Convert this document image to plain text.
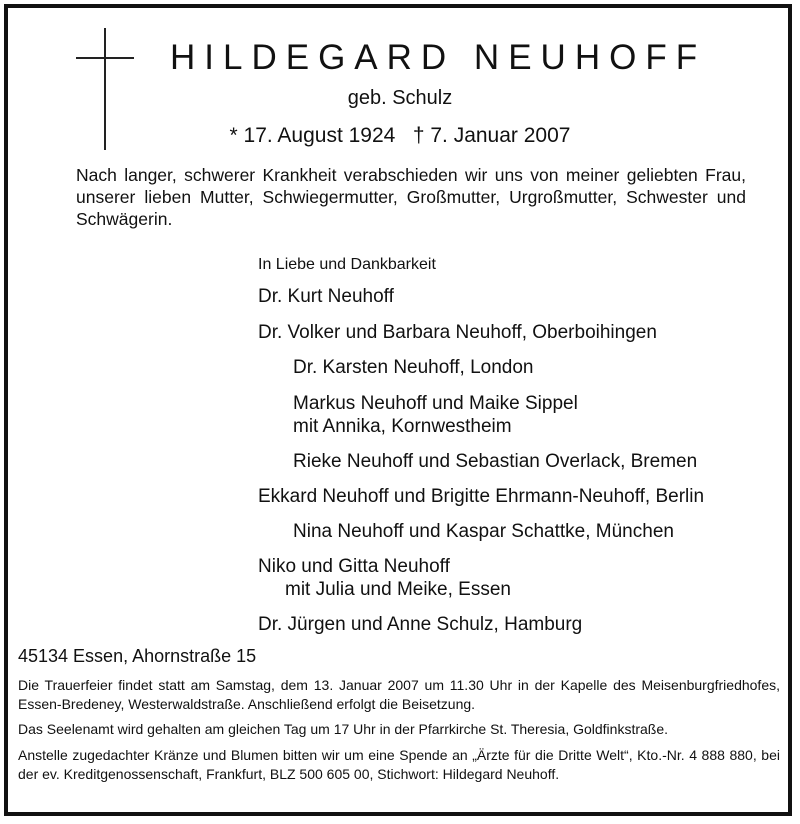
HILDEGARD NEUHOFF
geb. Schulz
* 17. August 1924   † 7. Januar 2007
Nach langer, schwerer Krankheit verabschieden wir uns von meiner geliebten Frau, unserer lieben Mutter, Schwiegermutter, Großmutter, Urgroßmutter, Schwester und Schwägerin.
In Liebe und Dankbarkeit
Dr. Kurt Neuhoff
Dr. Volker und Barbara Neuhoff, Oberboihingen
Dr. Karsten Neuhoff, London
Markus Neuhoff und Maike Sippel
mit Annika, Kornwestheim
Rieke Neuhoff und Sebastian Overlack, Bremen
Ekkard Neuhoff und Brigitte Ehrmann-Neuhoff, Berlin
Nina Neuhoff und Kaspar Schattke, München
Niko und Gitta Neuhoff
mit Julia und Meike, Essen
Dr. Jürgen und Anne Schulz, Hamburg
45134 Essen, Ahornstraße 15
Die Trauerfeier findet statt am Samstag, dem 13. Januar 2007 um 11.30 Uhr in der Kapelle des Meisenburgfriedhofes, Essen-Bredeney, Westerwaldstraße. Anschließend erfolgt die Beisetzung.
Das Seelenamt wird gehalten am gleichen Tag um 17 Uhr in der Pfarrkirche St. Theresia, Goldfinkstraße.
Anstelle zugedachter Kränze und Blumen bitten wir um eine Spende an „Ärzte für die Dritte Welt“, Kto.-Nr. 4 888 880, bei der ev. Kreditgenossenschaft, Frankfurt, BLZ 500 605 00, Stichwort: Hildegard Neuhoff.
